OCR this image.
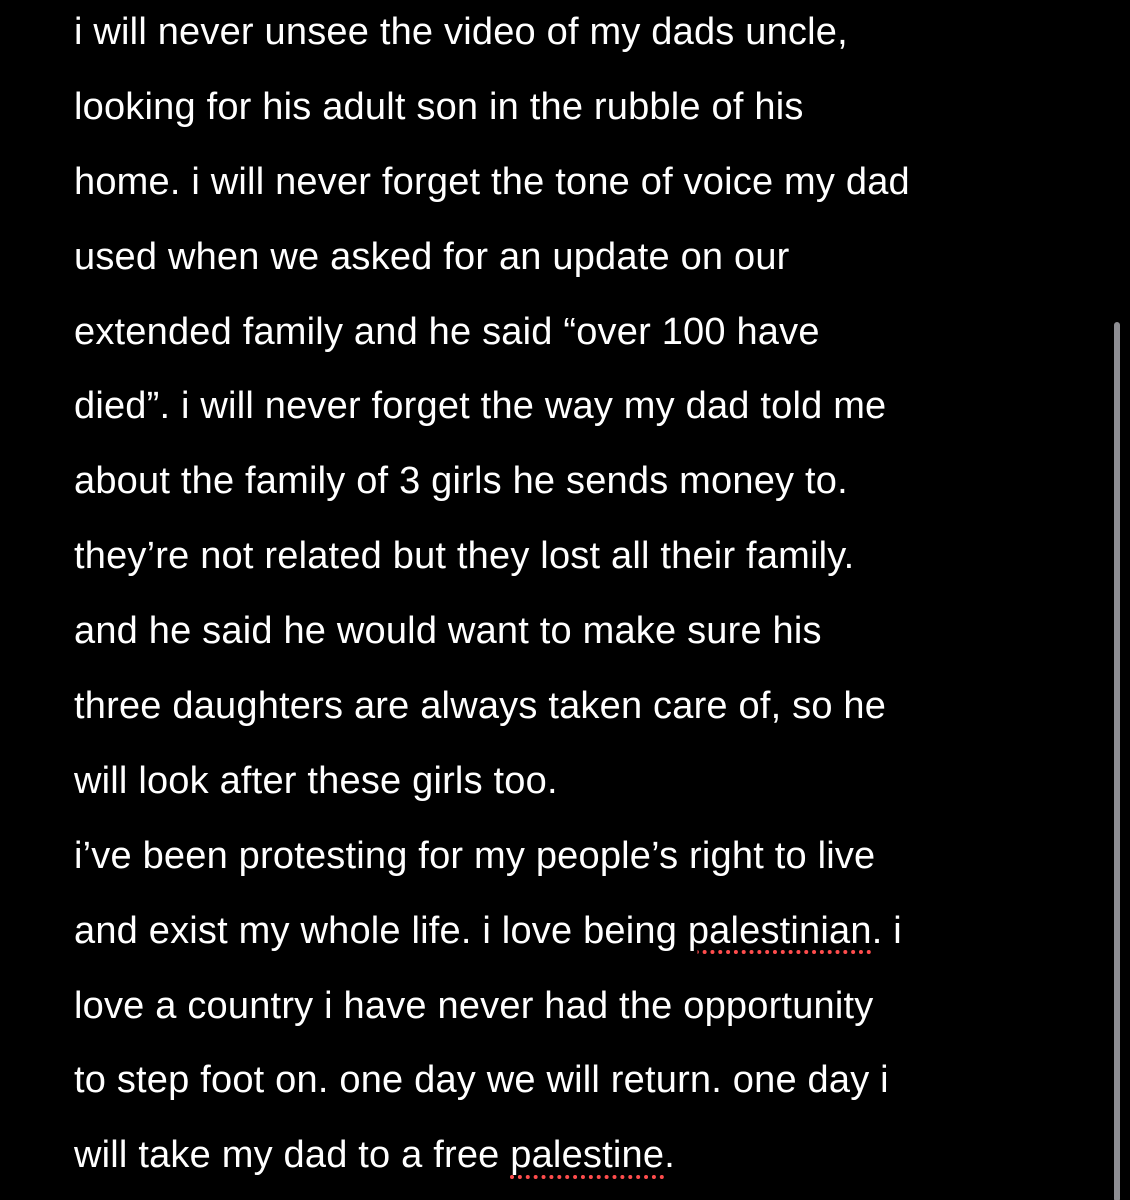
i will never unsee the video of my dads uncle,
looking for his adult son in the rubble of his
home. i will never forget the tone of voice my dad
used when we asked for an update on our
extended family and he said “over 100 have
died”. i will never forget the way my dad told me
about the family of 3 girls he sends money to.
they’re not related but they lost all their family.
and he said he would want to make sure his
three daughters are always taken care of, so he
will look after these girls too.
i’ve been protesting for my people’s right to live
and exist my whole life. i love being palestinian. i
love a country i have never had the opportunity
to step foot on. one day we will return. one day i
will take my dad to a free palestine.
